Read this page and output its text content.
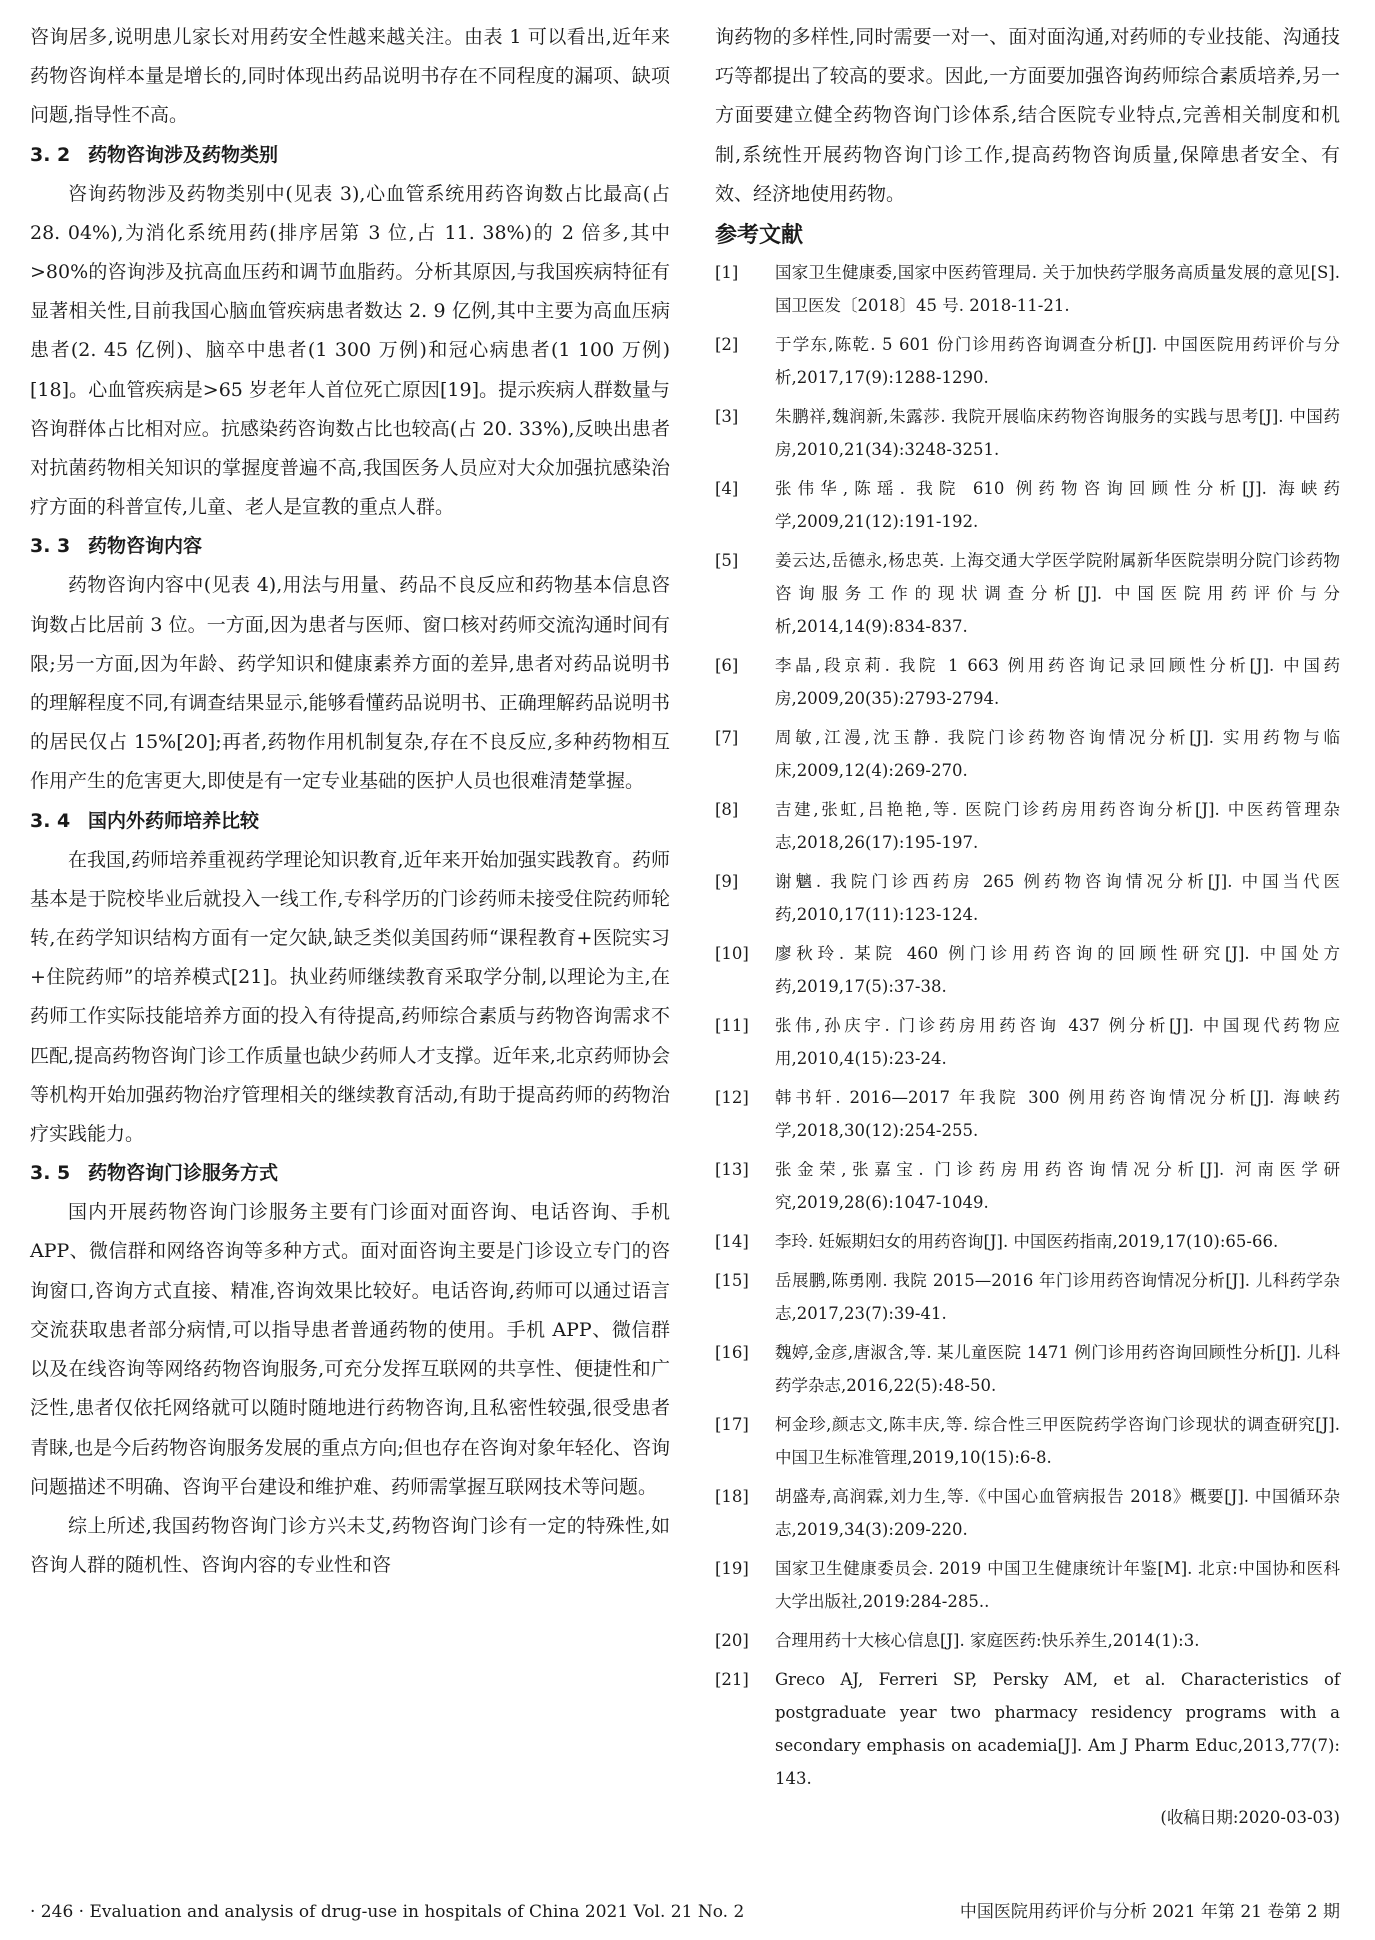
咨询居多,说明患儿家长对用药安全性越来越关注。由表 1 可以看出,近年来药物咨询样本量是增长的,同时体现出药品说明书存在不同程度的漏项、缺项问题,指导性不高。

3. 2 药物咨询涉及药物类别

咨询药物涉及药物类别中(见表 3),心血管系统用药咨询数占比最高(占 28. 04%),为消化系统用药(排序居第 3 位,占 11. 38%)的 2 倍多,其中>80%的咨询涉及抗高血压药和调节血脂药。分析其原因,与我国疾病特征有显著相关性,目前我国心脑血管疾病患者数达 2. 9 亿例,其中主要为高血压病患者(2. 45 亿例)、脑卒中患者(1 300 万例)和冠心病患者(1 100 万例)[18]。心血管疾病是>65 岁老年人首位死亡原因[19]。提示疾病人群数量与咨询群体占比相对应。抗感染药咨询数占比也较高(占 20. 33%),反映出患者对抗菌药物相关知识的掌握度普遍不高,我国医务人员应对大众加强抗感染治疗方面的科普宣传,儿童、老人是宣教的重点人群。

3. 3 药物咨询内容

药物咨询内容中(见表 4),用法与用量、药品不良反应和药物基本信息咨询数占比居前 3 位。一方面,因为患者与医师、窗口核对药师交流沟通时间有限;另一方面,因为年龄、药学知识和健康素养方面的差异,患者对药品说明书的理解程度不同,有调查结果显示,能够看懂药品说明书、正确理解药品说明书的居民仅占 15%[20];再者,药物作用机制复杂,存在不良反应,多种药物相互作用产生的危害更大,即使是有一定专业基础的医护人员也很难清楚掌握。

3. 4 国内外药师培养比较

在我国,药师培养重视药学理论知识教育,近年来开始加强实践教育。药师基本是于院校毕业后就投入一线工作,专科学历的门诊药师未接受住院药师轮转,在药学知识结构方面有一定欠缺,缺乏类似美国药师“课程教育+医院实习+住院药师”的培养模式[21]。执业药师继续教育采取学分制,以理论为主,在药师工作实际技能培养方面的投入有待提高,药师综合素质与药物咨询需求不匹配,提高药物咨询门诊工作质量也缺少药师人才支撑。近年来,北京药师协会等机构开始加强药物治疗管理相关的继续教育活动,有助于提高药师的药物治疗实践能力。

3. 5 药物咨询门诊服务方式

国内开展药物咨询门诊服务主要有门诊面对面咨询、电话咨询、手机 APP、微信群和网络咨询等多种方式。面对面咨询主要是门诊设立专门的咨询窗口,咨询方式直接、精准,咨询效果比较好。电话咨询,药师可以通过语言交流获取患者部分病情,可以指导患者普通药物的使用。手机 APP、微信群以及在线咨询等网络药物咨询服务,可充分发挥互联网的共享性、便捷性和广泛性,患者仅依托网络就可以随时随地进行药物咨询,且私密性较强,很受患者青睐,也是今后药物咨询服务发展的重点方向;但也存在咨询对象年轻化、咨询问题描述不明确、咨询平台建设和维护难、药师需掌握互联网技术等问题。

综上所述,我国药物咨询门诊方兴未艾,药物咨询门诊有一定的特殊性,如咨询人群的随机性、咨询内容的专业性和咨

询药物的多样性,同时需要一对一、面对面沟通,对药师的专业技能、沟通技巧等都提出了较高的要求。因此,一方面要加强咨询药师综合素质培养,另一方面要建立健全药物咨询门诊体系,结合医院专业特点,完善相关制度和机制,系统性开展药物咨询门诊工作,提高药物咨询质量,保障患者安全、有效、经济地使用药物。

参考文献
[1]	国家卫生健康委,国家中医药管理局. 关于加快药学服务高质量发展的意见[S]. 国卫医发〔2018〕45 号. 2018-11-21.
[2]	于学东,陈乾. 5 601 份门诊用药咨询调查分析[J]. 中国医院用药评价与分析,2017,17(9):1288-1290.
[3]	朱鹏祥,魏润新,朱露莎. 我院开展临床药物咨询服务的实践与思考[J]. 中国药房,2010,21(34):3248-3251.
[4]	张伟华,陈瑶. 我院 610 例药物咨询回顾性分析[J]. 海峡药学,2009,21(12):191-192.
[5]	姜云达,岳德永,杨忠英. 上海交通大学医学院附属新华医院崇明分院门诊药物咨询服务工作的现状调查分析[J]. 中国医院用药评价与分析,2014,14(9):834-837.
[6]	李晶,段京莉. 我院 1 663 例用药咨询记录回顾性分析[J]. 中国药房,2009,20(35):2793-2794.
[7]	周敏,江漫,沈玉静. 我院门诊药物咨询情况分析[J]. 实用药物与临床,2009,12(4):269-270.
[8]	吉建,张虹,吕艳艳,等. 医院门诊药房用药咨询分析[J]. 中医药管理杂志,2018,26(17):195-197.
[9]	谢魑. 我院门诊西药房 265 例药物咨询情况分析[J]. 中国当代医药,2010,17(11):123-124.
[10]	廖秋玲. 某院 460 例门诊用药咨询的回顾性研究[J]. 中国处方药,2019,17(5):37-38.
[11]	张伟,孙庆宇. 门诊药房用药咨询 437 例分析[J]. 中国现代药物应用,2010,4(15):23-24.
[12]	韩书轩. 2016—2017 年我院 300 例用药咨询情况分析[J]. 海峡药学,2018,30(12):254-255.
[13]	张金荣,张嘉宝. 门诊药房用药咨询情况分析[J]. 河南医学研究,2019,28(6):1047-1049.
[14]	李玲. 妊娠期妇女的用药咨询[J]. 中国医药指南,2019,17(10):65-66.
[15]	岳展鹏,陈勇刚. 我院 2015—2016 年门诊用药咨询情况分析[J]. 儿科药学杂志,2017,23(7):39-41.
[16]	魏婷,金彦,唐淑含,等. 某儿童医院 1471 例门诊用药咨询回顾性分析[J]. 儿科药学杂志,2016,22(5):48-50.
[17]	柯金珍,颜志文,陈丰庆,等. 综合性三甲医院药学咨询门诊现状的调查研究[J]. 中国卫生标准管理,2019,10(15):6-8.
[18]	胡盛寿,高润霖,刘力生,等.《中国心血管病报告 2018》概要[J]. 中国循环杂志,2019,34(3):209-220.
[19]	国家卫生健康委员会. 2019 中国卫生健康统计年鉴[M]. 北京:中国协和医科大学出版社,2019:284-285..
[20]	合理用药十大核心信息[J]. 家庭医药:快乐养生,2014(1):3.
[21]	Greco AJ, Ferreri SP, Persky AM, et al. Characteristics of postgraduate year two pharmacy residency programs with a secondary emphasis on academia[J]. Am J Pharm Educ,2013,77(7): 143.

(收稿日期:2020-03-03)

· 246 · Evaluation and analysis of drug-use in hospitals of China 2021 Vol. 21 No. 2	中国医院用药评价与分析 2021 年第 21 卷第 2 期
